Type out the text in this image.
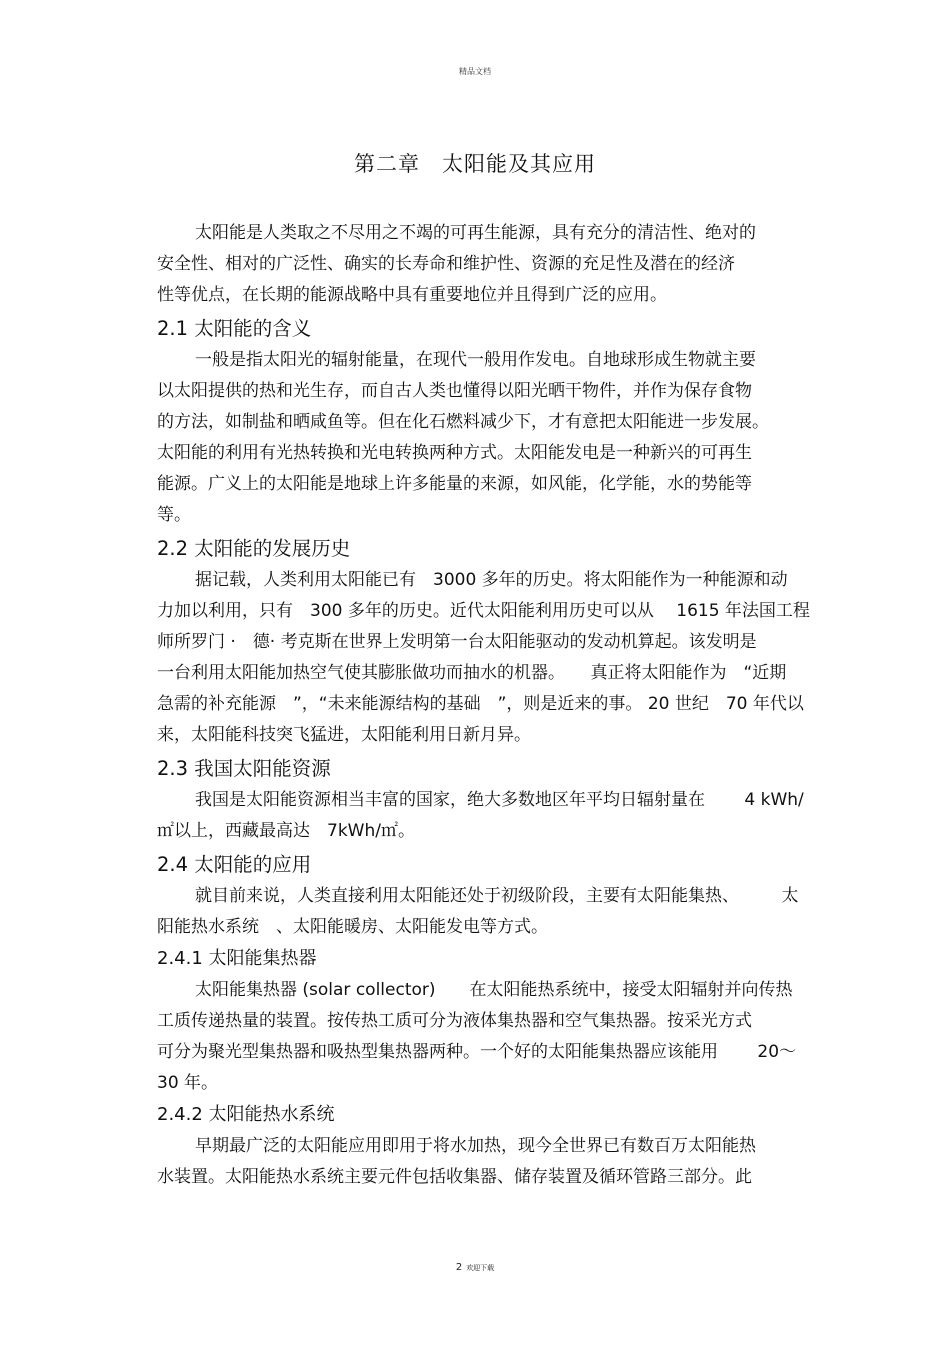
精品文档
第二章　太阳能及其应用
太阳能是人类取之不尽用之不竭的可再生能源，具有充分的清洁性、绝对的
安全性、相对的广泛性、确实的长寿命和维护性、资源的充足性及潜在的经济
性等优点，在长期的能源战略中具有重要地位并且得到广泛的应用。
2.1 太阳能的含义
一般是指太阳光的辐射能量，在现代一般用作发电。自地球形成生物就主要
以太阳提供的热和光生存，而自古人类也懂得以阳光晒干物件，并作为保存食物
的方法，如制盐和晒咸鱼等。但在化石燃料减少下，才有意把太阳能进一步发展。
太阳能的利用有光热转换和光电转换两种方式。太阳能发电是一种新兴的可再生
能源。广义上的太阳能是地球上许多能量的来源，如风能，化学能，水的势能等
等。
2.2 太阳能的发展历史
据记载，人类利用太阳能已有　3000 多年的历史。将太阳能作为一种能源和动
力加以利用，只有　300 多年的历史。近代太阳能利用历史可以从　 1615 年法国工程
师所罗门 ·　德· 考克斯在世界上发明第一台太阳能驱动的发动机算起。该发明是
一台利用太阳能加热空气使其膨胀做功而抽水的机器。　　真正将太阳能作为　“近期
急需的补充能源　”，“未来能源结构的基础　”，则是近来的事。 20 世纪　70 年代以
来，太阳能科技突飞猛进，太阳能利用日新月异。
2.3 我国太阳能资源
我国是太阳能资源相当丰富的国家，绝大多数地区年平均日辐射量在　　 4 kWh/
㎡以上，西藏最高达　7kWh/㎡。
2.4 太阳能的应用
就目前来说，人类直接利用太阳能还处于初级阶段，主要有太阳能集热、　　　太
阳能热水系统　、太阳能暖房、太阳能发电等方式。
2.4.1 太阳能集热器
太阳能集热器 (solar collector)　　在太阳能热系统中，接受太阳辐射并向传热
工质传递热量的装置。按传热工质可分为液体集热器和空气集热器。按采光方式
可分为聚光型集热器和吸热型集热器两种。一个好的太阳能集热器应该能用　　 20～
30 年。
2.4.2 太阳能热水系统
早期最广泛的太阳能应用即用于将水加热，现今全世界已有数百万太阳能热
水装置。太阳能热水系统主要元件包括收集器、储存装置及循环管路三部分。此
2 欢迎下载
